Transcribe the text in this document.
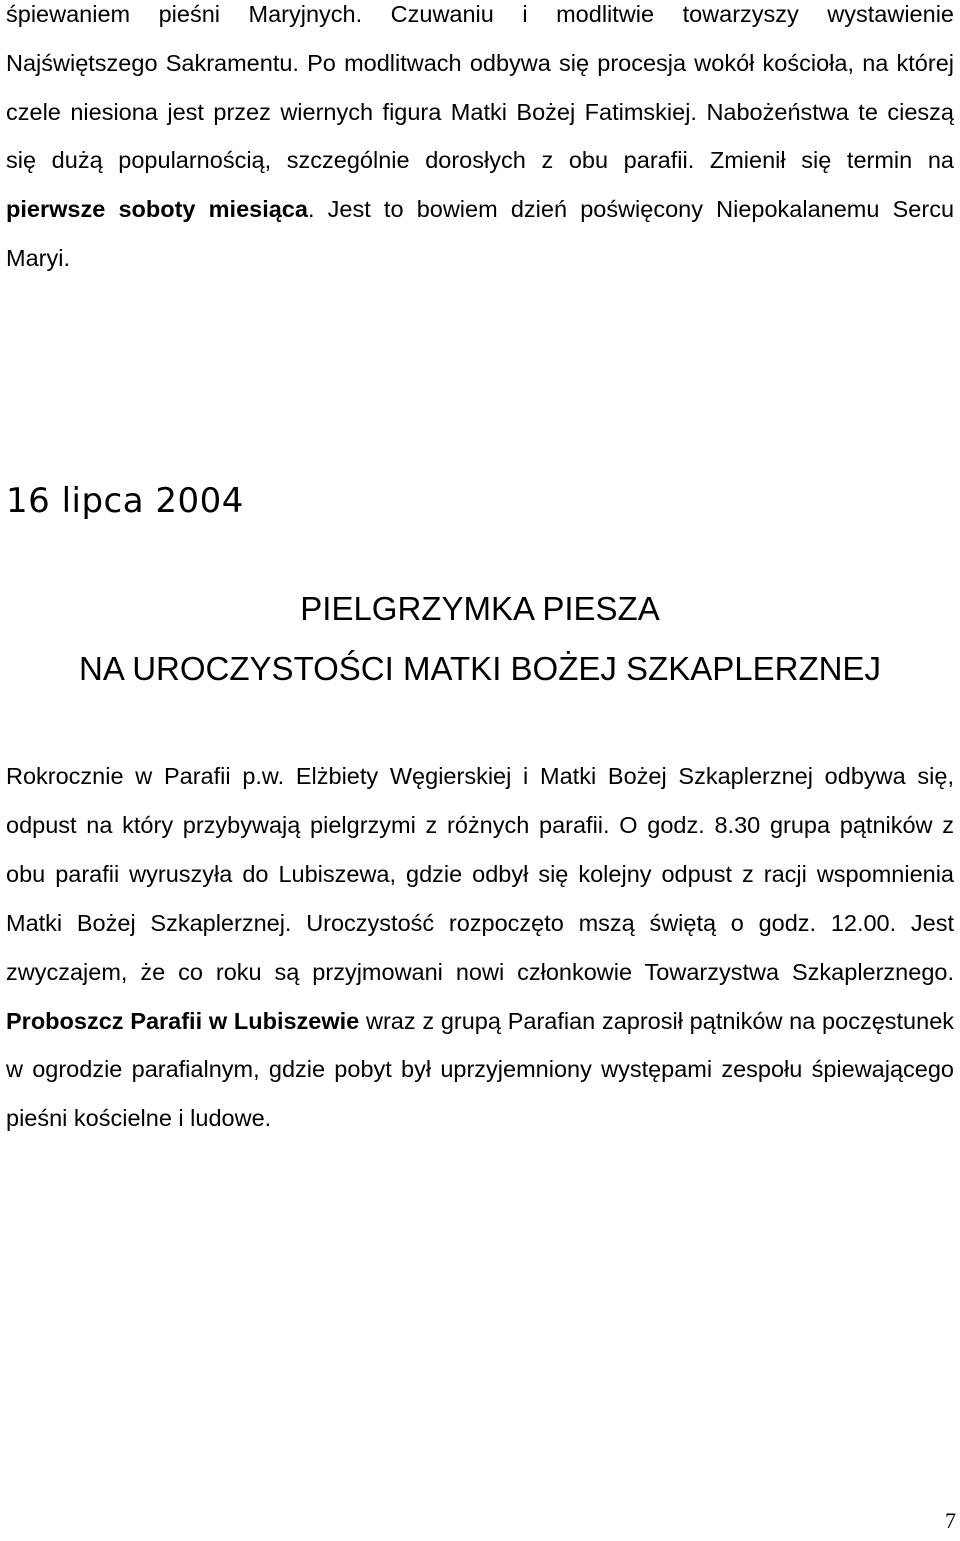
śpiewaniem pieśni Maryjnych. Czuwaniu i modlitwie towarzyszy wystawienie Najświętszego Sakramentu. Po modlitwach odbywa się procesja wokół kościoła, na której czele niesiona jest przez wiernych figura Matki Bożej Fatimskiej. Nabożeństwa te cieszą się dużą popularnością, szczególnie dorosłych z obu parafii. Zmienił się termin na pierwsze soboty miesiąca. Jest to bowiem dzień poświęcony Niepokalanemu Sercu Maryi.

16 lipca 2004
PIELGRZYMKA PIESZA
NA UROCZYSTOŚCI MATKI BOŻEJ SZKAPLERZNEJ

Rokrocznie w Parafii p.w. Elżbiety Węgierskiej i Matki Bożej Szkaplerznej odbywa się, odpust na który przybywają pielgrzymi z różnych parafii. O godz. 8.30 grupa pątników z obu parafii wyruszyła do Lubiszewa, gdzie odbył się kolejny odpust z racji wspomnienia Matki Bożej Szkaplerznej. Uroczystość rozpoczęto mszą świętą o godz. 12.00. Jest zwyczajem, że co roku są przyjmowani nowi członkowie Towarzystwa Szkaplerznego. Proboszcz Parafii w Lubiszewie wraz z grupą Parafian zaprosił pątników na poczęstunek w ogrodzie parafialnym, gdzie pobyt był uprzyjemniony występami zespołu śpiewającego pieśni kościelne i ludowe.

7
